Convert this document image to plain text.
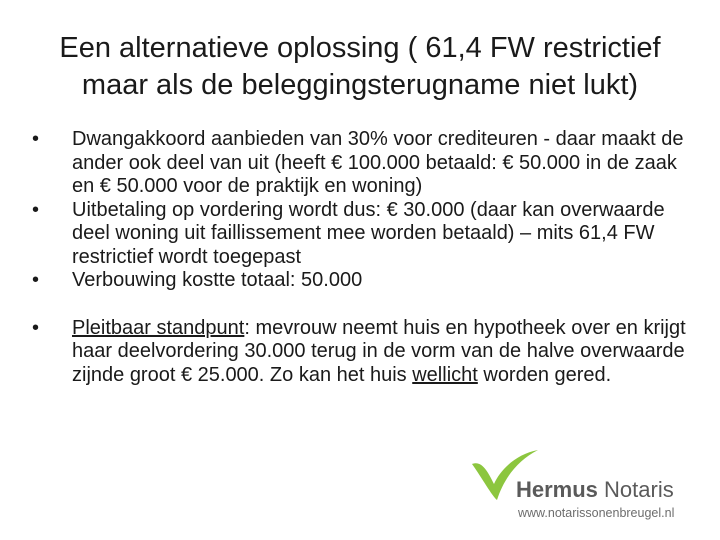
Een alternatieve oplossing ( 61,4 FW restrictief
maar als de beleggingsterugname niet lukt)

•	Dwangakkoord aanbieden van 30% voor crediteuren - daar maakt de ander ook deel van uit (heeft € 100.000 betaald: € 50.000 in de zaak en € 50.000 voor de praktijk en woning)

•	Uitbetaling op vordering wordt dus: € 30.000 (daar kan overwaarde deel woning uit faillissement mee worden betaald) – mits 61,4 FW restrictief wordt toegepast

•	Verbouwing kostte totaal: 50.000

•	Pleitbaar standpunt: mevrouw neemt huis en hypotheek over en krijgt haar deelvordering 30.000 terug in de vorm van de halve overwaarde zijnde groot € 25.000. Zo kan het huis wellicht worden gered.

Hermus Notaris
www.notarissonenbreugel.nl
